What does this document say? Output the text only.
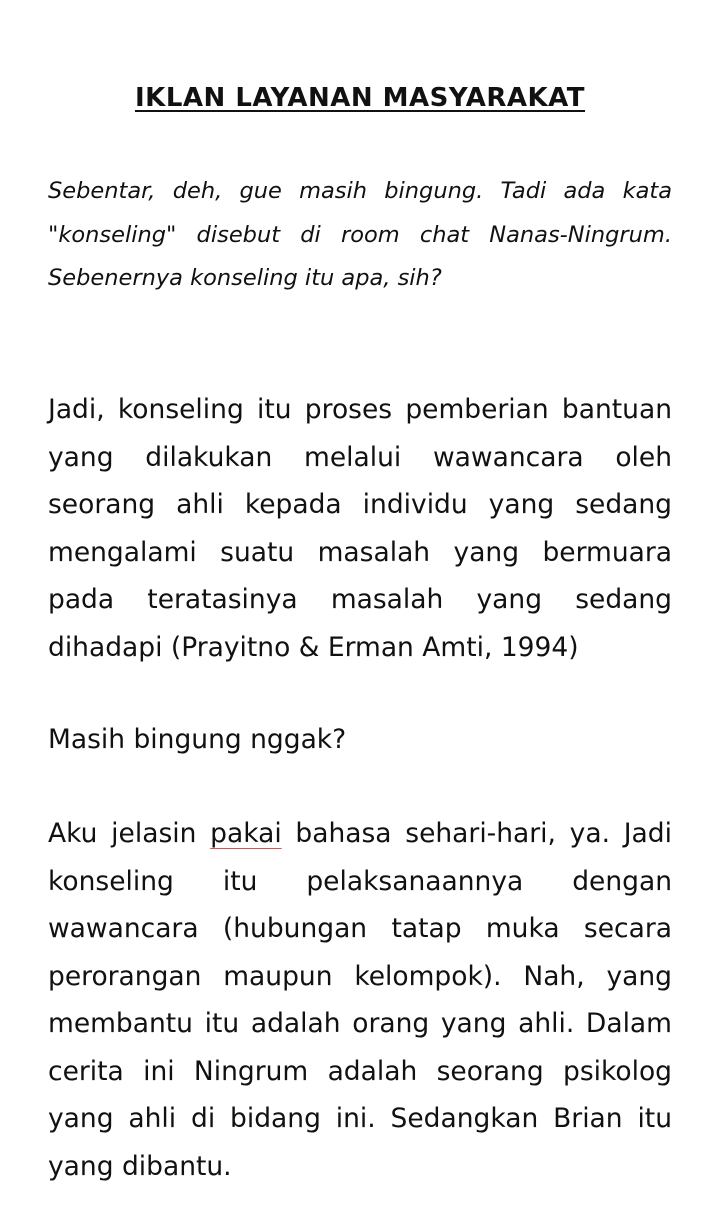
IKLAN LAYANAN MASYARAKAT

Sebentar, deh, gue masih bingung. Tadi ada kata "konseling" disebut di room chat Nanas-Ningrum. Sebenernya konseling itu apa, sih?

Jadi, konseling itu proses pemberian bantuan yang dilakukan melalui wawancara oleh seorang ahli kepada individu yang sedang mengalami suatu masalah yang bermuara pada teratasinya masalah yang sedang dihadapi (Prayitno & Erman Amti, 1994)

Masih bingung nggak?

Aku jelasin pakai bahasa sehari-hari, ya. Jadi konseling itu pelaksanaannya dengan wawancara (hubungan tatap muka secara perorangan maupun kelompok). Nah, yang membantu itu adalah orang yang ahli. Dalam cerita ini Ningrum adalah seorang psikolog yang ahli di bidang ini. Sedangkan Brian itu yang dibantu.
